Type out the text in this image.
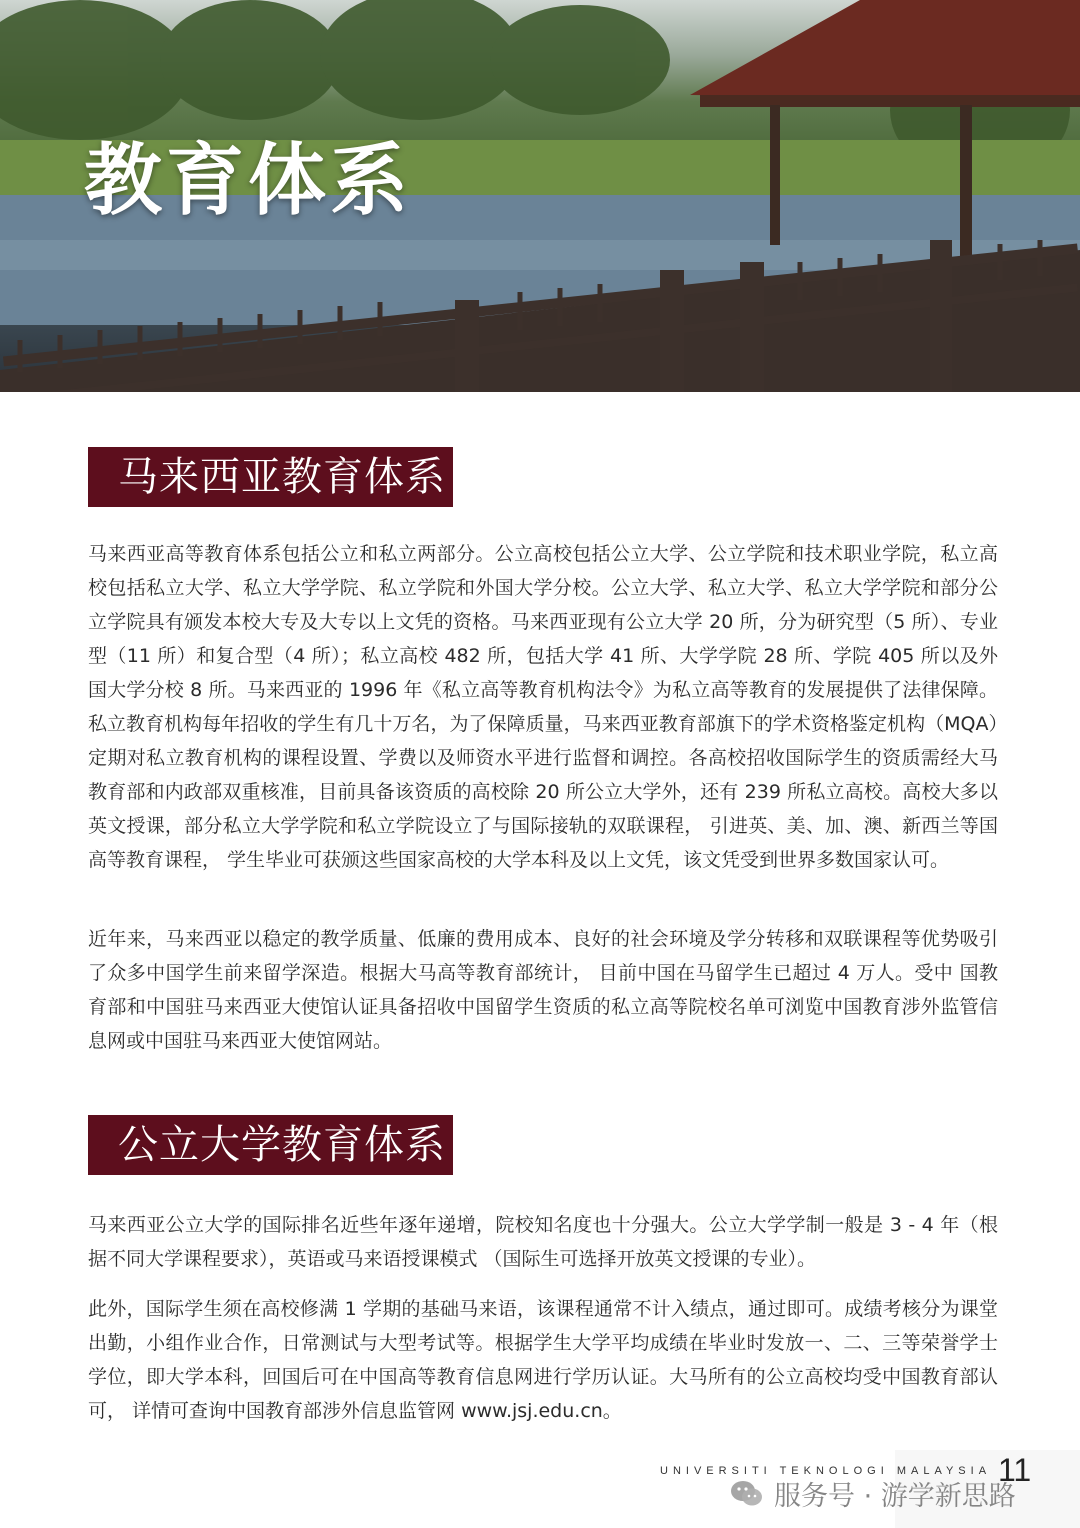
教育体系
马来西亚教育体系

马来西亚高等教育体系包括公立和私立两部分。公立高校包括公立大学、公立学院和技术职业学院，私立高校包括私立大学、私立大学学院、私立学院和外国大学分校。公立大学、私立大学、私立大学学院和部分公立学院具有颁发本校大专及大专以上文凭的资格。马来西亚现有公立大学 20 所，分为研究型（5 所）、专业型（11 所）和复合型（4 所）；私立高校 482 所，包括大学 41 所、大学学院 28 所、学院 405 所以及外国大学分校 8 所。马来西亚的 1996 年《私立高等教育机构法令》为私立高等教育的发展提供了法律保障。私立教育机构每年招收的学生有几十万名，为了保障质量，马来西亚教育部旗下的学术资格鉴定机构（MQA）定期对私立教育机构的课程设置、学费以及师资水平进行监督和调控。各高校招收国际学生的资质需经大马教育部和内政部双重核准，目前具备该资质的高校除 20 所公立大学外，还有 239 所私立高校。高校大多以英文授课，部分私立大学学院和私立学院设立了与国际接轨的双联课程， 引进英、美、加、澳、新西兰等国高等教育课程， 学生毕业可获颁这些国家高校的大学本科及以上文凭，该文凭受到世界多数国家认可。

近年来，马来西亚以稳定的教学质量、低廉的费用成本、良好的社会环境及学分转移和双联课程等优势吸引了众多中国学生前来留学深造。根据大马高等教育部统计， 目前中国在马留学生已超过 4 万人。受中 国教育部和中国驻马来西亚大使馆认证具备招收中国留学生资质的私立高等院校名单可浏览中国教育涉外监管信息网或中国驻马来西亚大使馆网站。

公立大学教育体系

马来西亚公立大学的国际排名近些年逐年递增，院校知名度也十分强大。公立大学学制一般是 3 - 4 年（根据不同大学课程要求），英语或马来语授课模式 （国际生可选择开放英文授课的专业）。

此外，国际学生须在高校修满 1 学期的基础马来语，该课程通常不计入绩点，通过即可。成绩考核分为课堂出勤，小组作业合作，日常测试与大型考试等。根据学生大学平均成绩在毕业时发放一、二、三等荣誉学士学位，即大学本科，回国后可在中国高等教育信息网进行学历认证。大马所有的公立高校均受中国教育部认可， 详情可查询中国教育部涉外信息监管网 www.jsj.edu.cn。

UNIVERSITI TEKNOLOGI MALAYSIA 11
服务号 · 游学新思路
